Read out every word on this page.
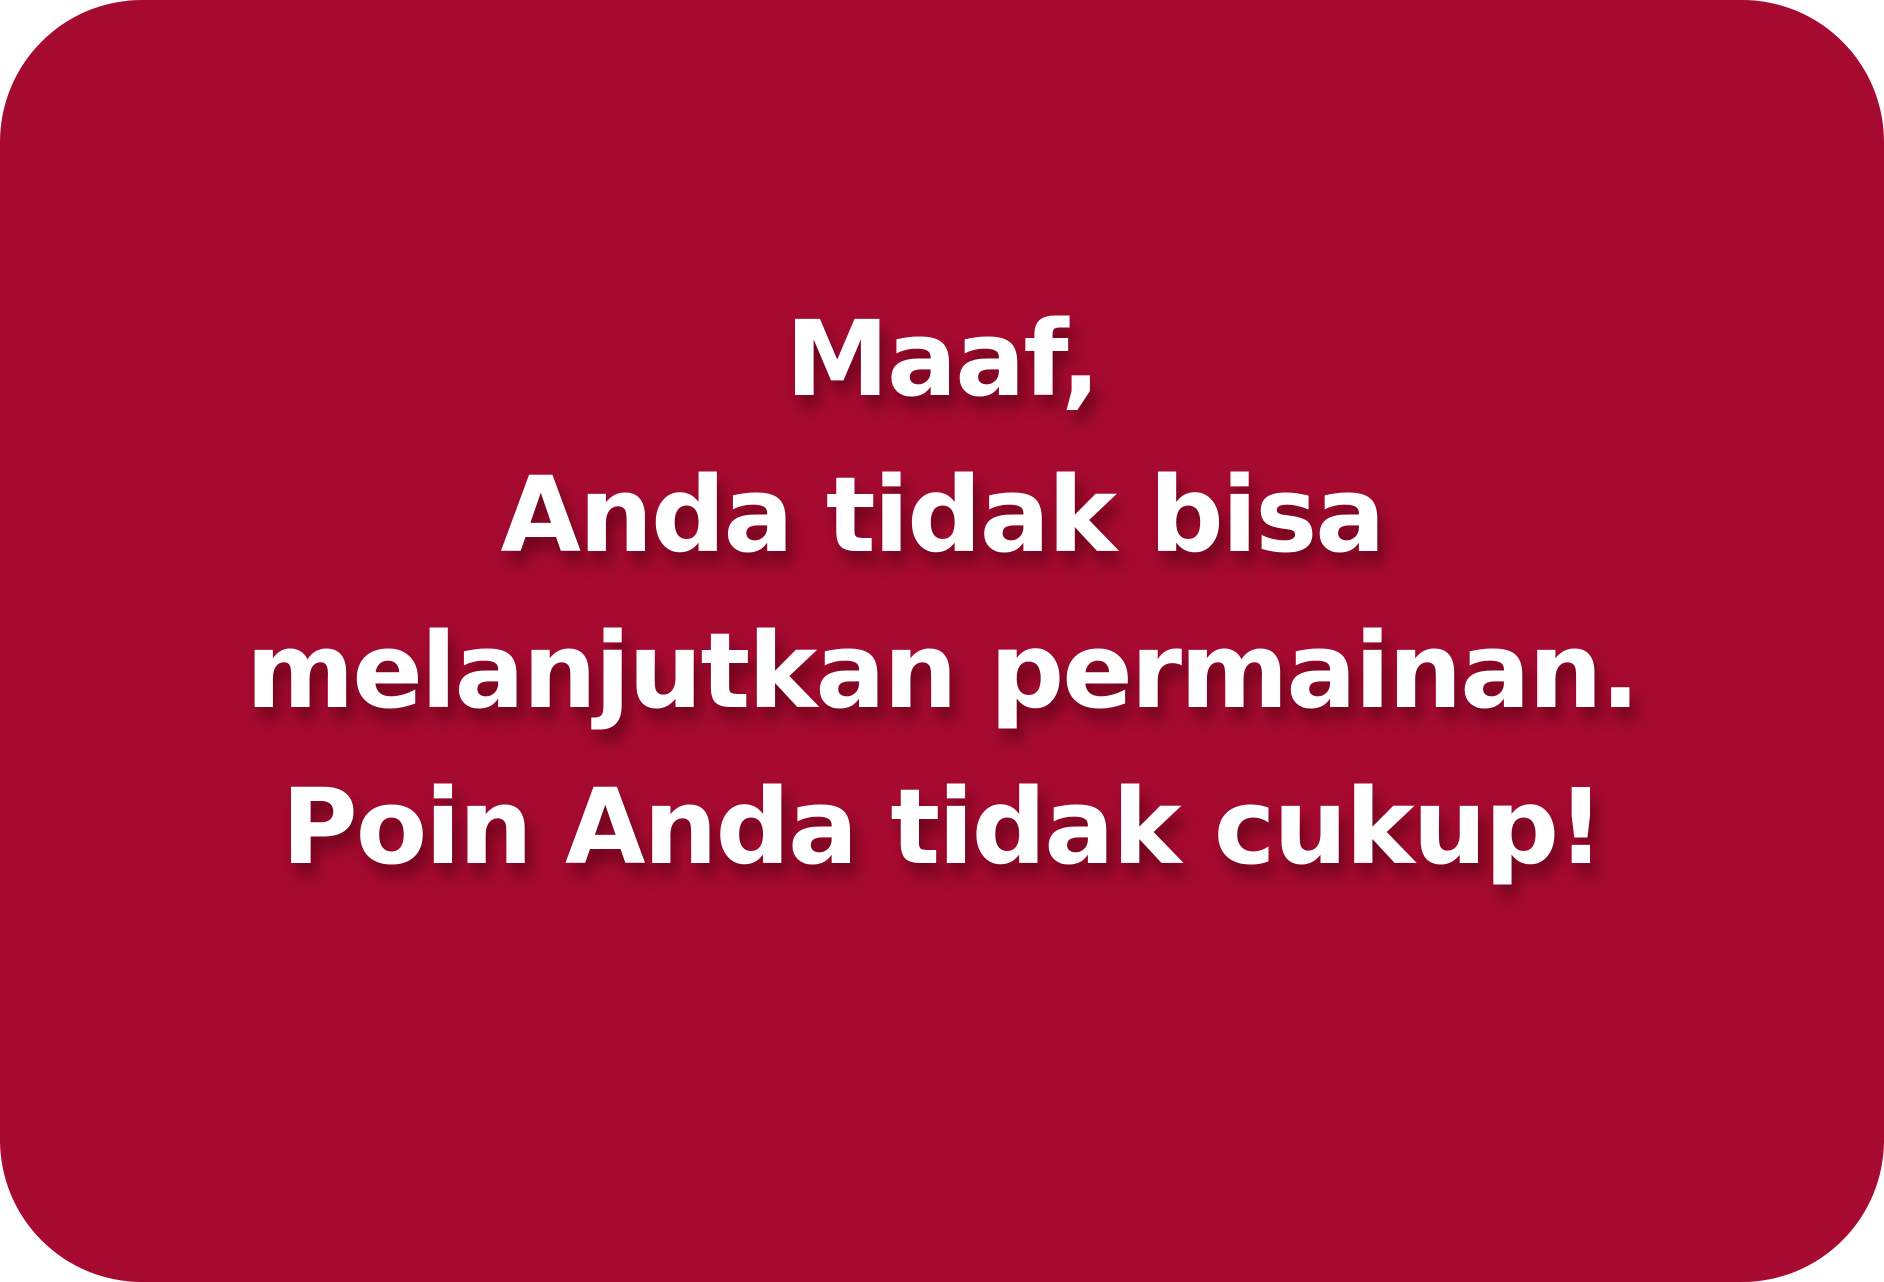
Maaf,
Anda tidak bisa
melanjutkan permainan.
Poin Anda tidak cukup!
